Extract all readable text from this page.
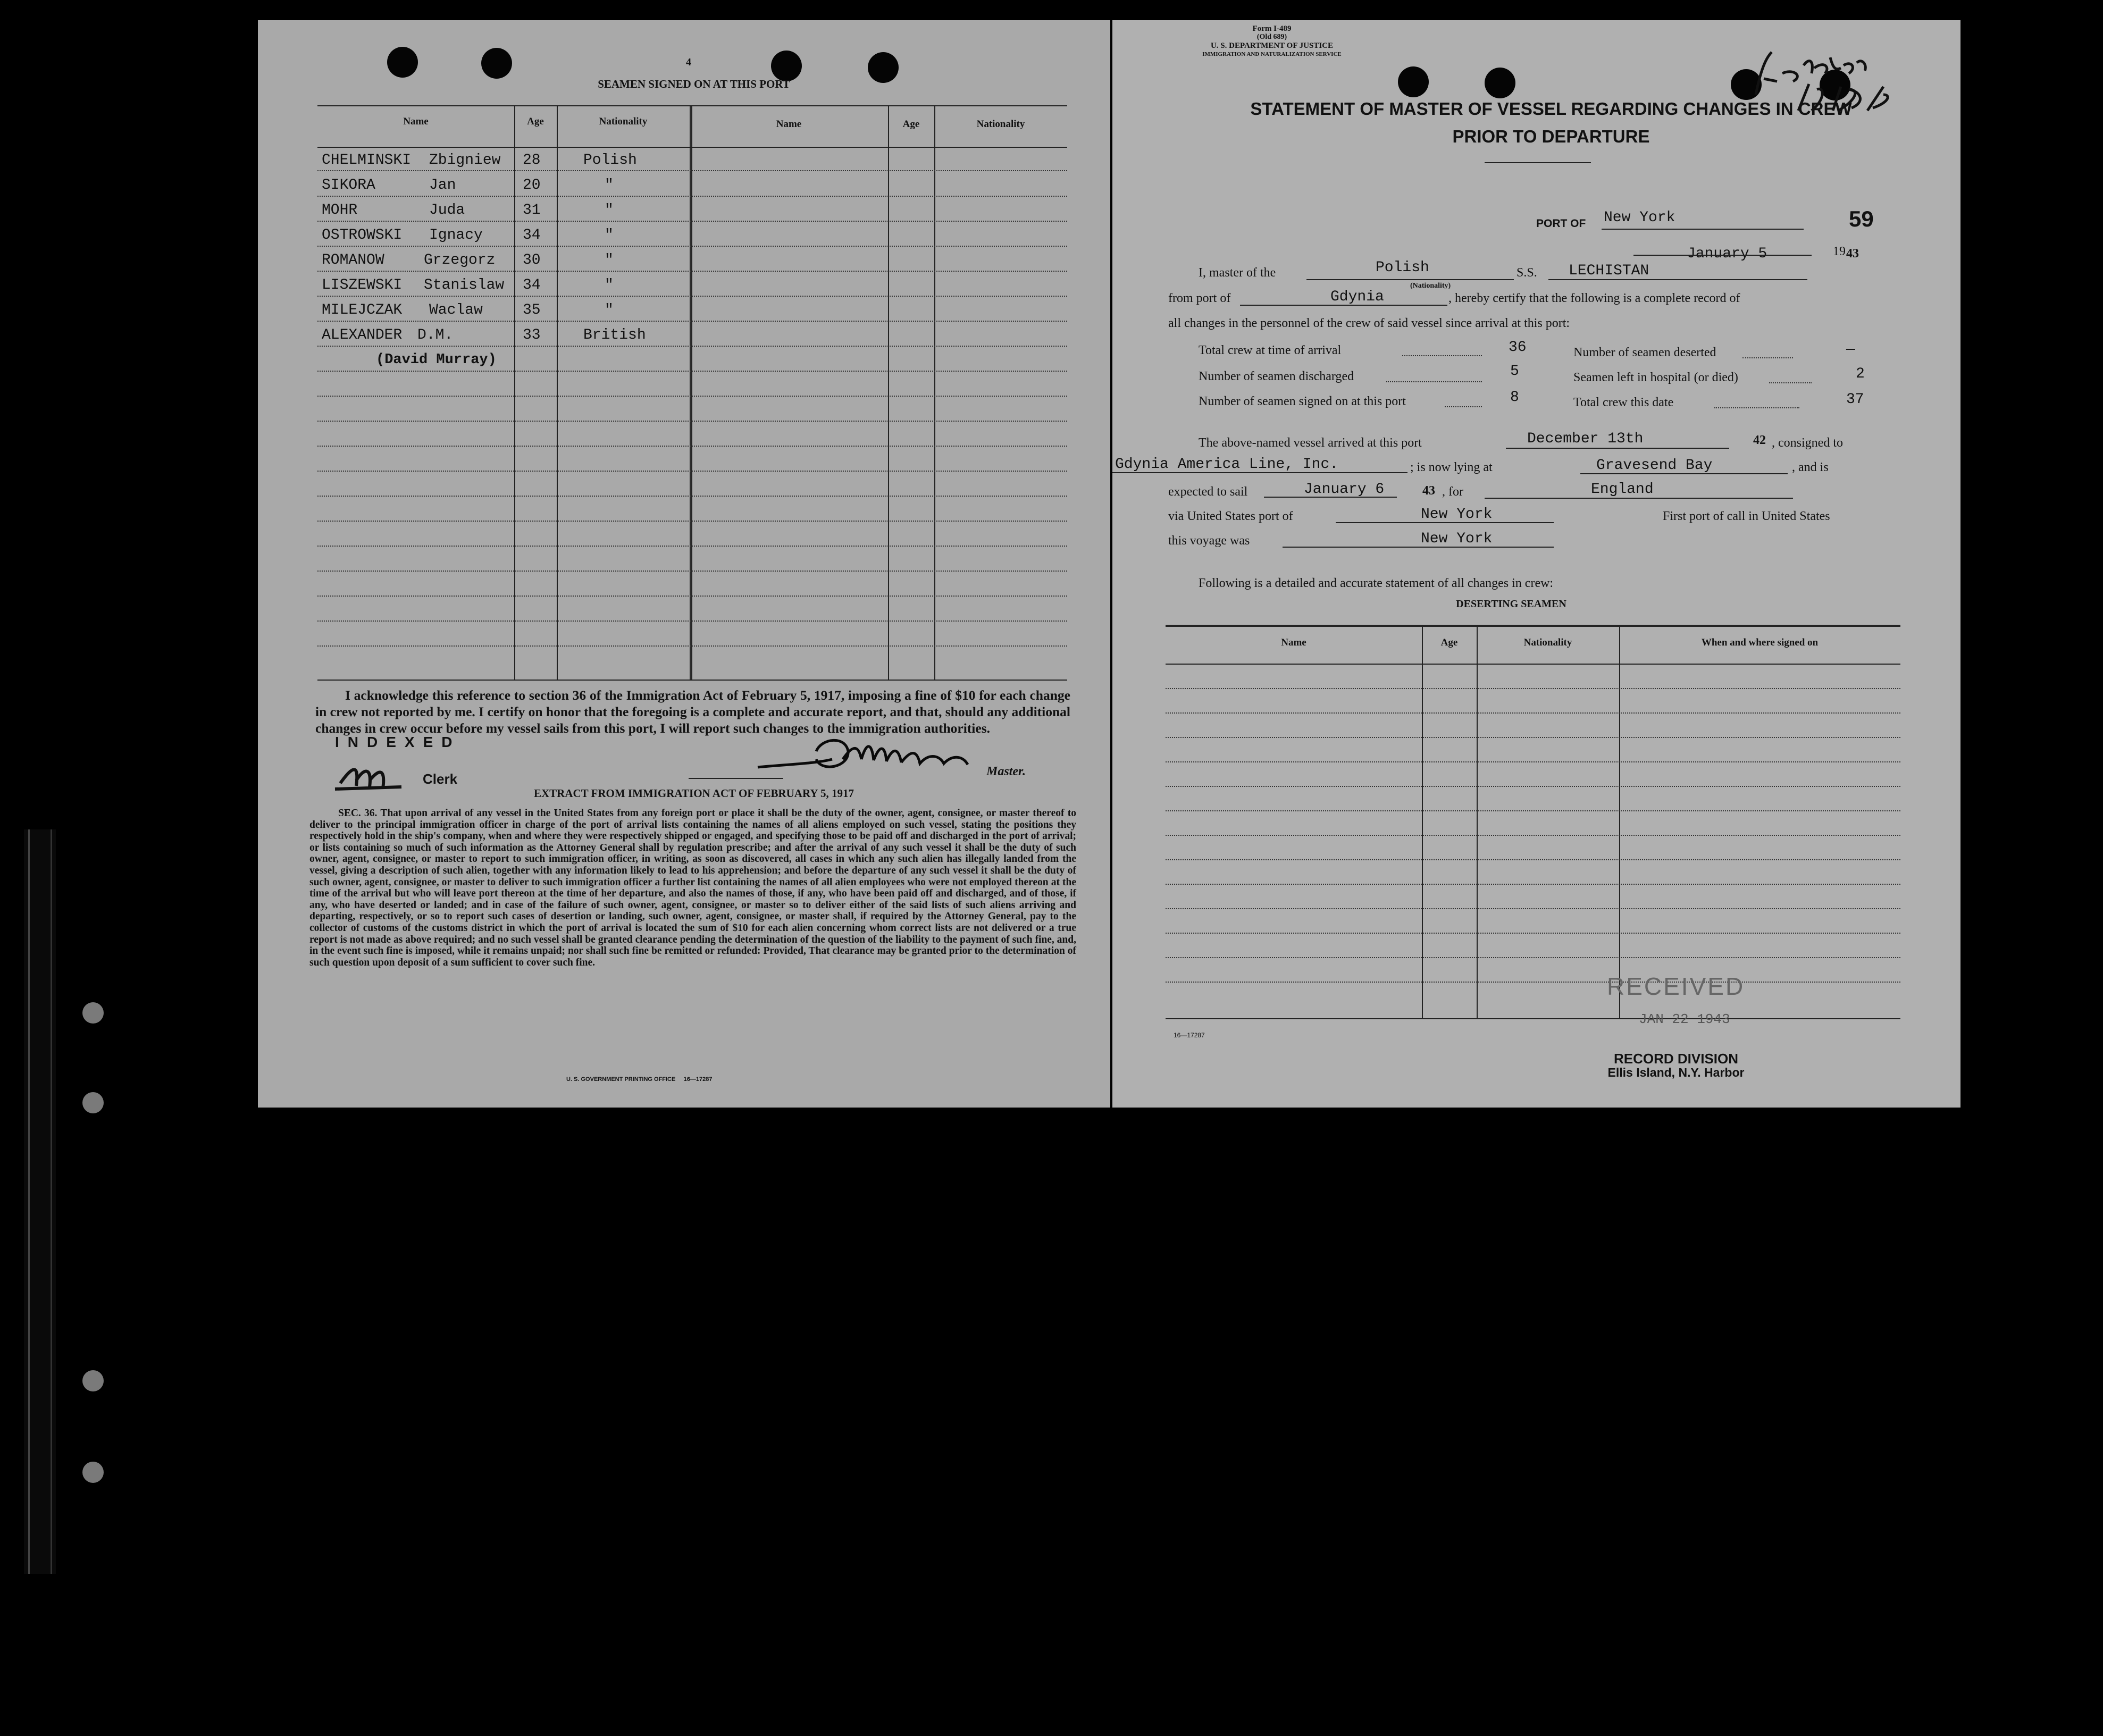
4
SEAMEN SIGNED ON AT THIS PORT
Name	Age	Nationality	Name	Age	Nationality
CHELMINSKI Zbigniew 28	Polish
SIKORA	Jan	20	"
MOHR	Juda	31	"
OSTROWSKI Ignacy	34	"
ROMANOW	Grzegorz 30	"
LISZEWSKI Stanislaw 34	"
MILEJCZAK Waclaw	35	"
ALEXANDER D.M.	33	British
(David Murray)
I acknowledge this reference to section 36 of the Immigration Act of February 5, 1917, imposing a fine of $10 for each change in crew not reported by me. I certify on honor that the foregoing is a complete and accurate report, and that, should any additional changes in crew occur before my vessel sails from this port, I will report such changes to the immigration authorities.
INDEXED
Clerk	Master.
EXTRACT FROM IMMIGRATION ACT OF FEBRUARY 5, 1917
SEC. 36. That upon arrival of any vessel in the United States from any foreign port or place it shall be the duty of the owner, agent, consignee, or master thereof to deliver to the principal immigration officer in charge of the port of arrival lists containing the names of all aliens employed on such vessel, stating the positions they respectively hold in the ship's company, when and where they were respectively shipped or engaged, and specifying those to be paid off and discharged in the port of arrival; or lists containing so much of such information as the Attorney General shall by regulation prescribe; and after the arrival of any such vessel it shall be the duty of such owner, agent, consignee, or master to report to such immigration officer, in writing, as soon as discovered, all cases in which any such alien has illegally landed from the vessel, giving a description of such alien, together with any information likely to lead to his apprehension; and before the departure of any such vessel it shall be the duty of such owner, agent, consignee, or master to deliver to such immigration officer a further list containing the names of all alien employees who were not employed thereon at the time of the arrival but who will leave port thereon at the time of her departure, and also the names of those, if any, who have been paid off and discharged, and of those, if any, who have deserted or landed; and in case of the failure of such owner, agent, consignee, or master so to deliver either of the said lists of such aliens arriving and departing, respectively, or so to report such cases of desertion or landing, such owner, agent, consignee, or master shall, if required by the Attorney General, pay to the collector of customs of the customs district in which the port of arrival is located the sum of $10 for each alien concerning whom correct lists are not delivered or a true report is not made as above required; and no such vessel shall be granted clearance pending the determination of the question of the liability to the payment of such fine, and, in the event such fine is imposed, while it remains unpaid; nor shall such fine be remitted or refunded: Provided, That clearance may be granted prior to the determination of such question upon deposit of a sum sufficient to cover such fine.
U. S. GOVERNMENT PRINTING OFFICE     16—17287
Form I-489
(Old 689)
U. S. DEPARTMENT OF JUSTICE
IMMIGRATION AND NATURALIZATION SERVICE
STATEMENT OF MASTER OF VESSEL REGARDING CHANGES IN CREW
PRIOR TO DEPARTURE
PORT OF New York	59
January 5	19 43
I, master of the	Polish
(Nationality)
S.S. LECHISTAN
from port of	Gdynia	, hereby certify that the following is a complete record of
all changes in the personnel of the crew of said vessel since arrival at this port:
Total crew at time of arrival	36	Number of seamen deserted	—
Number of seamen discharged	5	Seamen left in hospital (or died)	2
Number of seamen signed on at this port	8	Total crew this date	37
The above-named vessel arrived at this port	December 13th	42 , consigned to
Gdynia America Line, Inc.	; is now lying at	Gravesend Bay	, and is
expected to sail	January 6	43 , for	England
via United States port of	New York	First port of call in United States
this voyage was	New York
Following is a detailed and accurate statement of all changes in crew:
DESERTING SEAMEN
Name	Age	Nationality	When and where signed on
16—17287
RECEIVED
JAN 22 1943
RECORD DIVISION
Ellis Island, N.Y. Harbor
